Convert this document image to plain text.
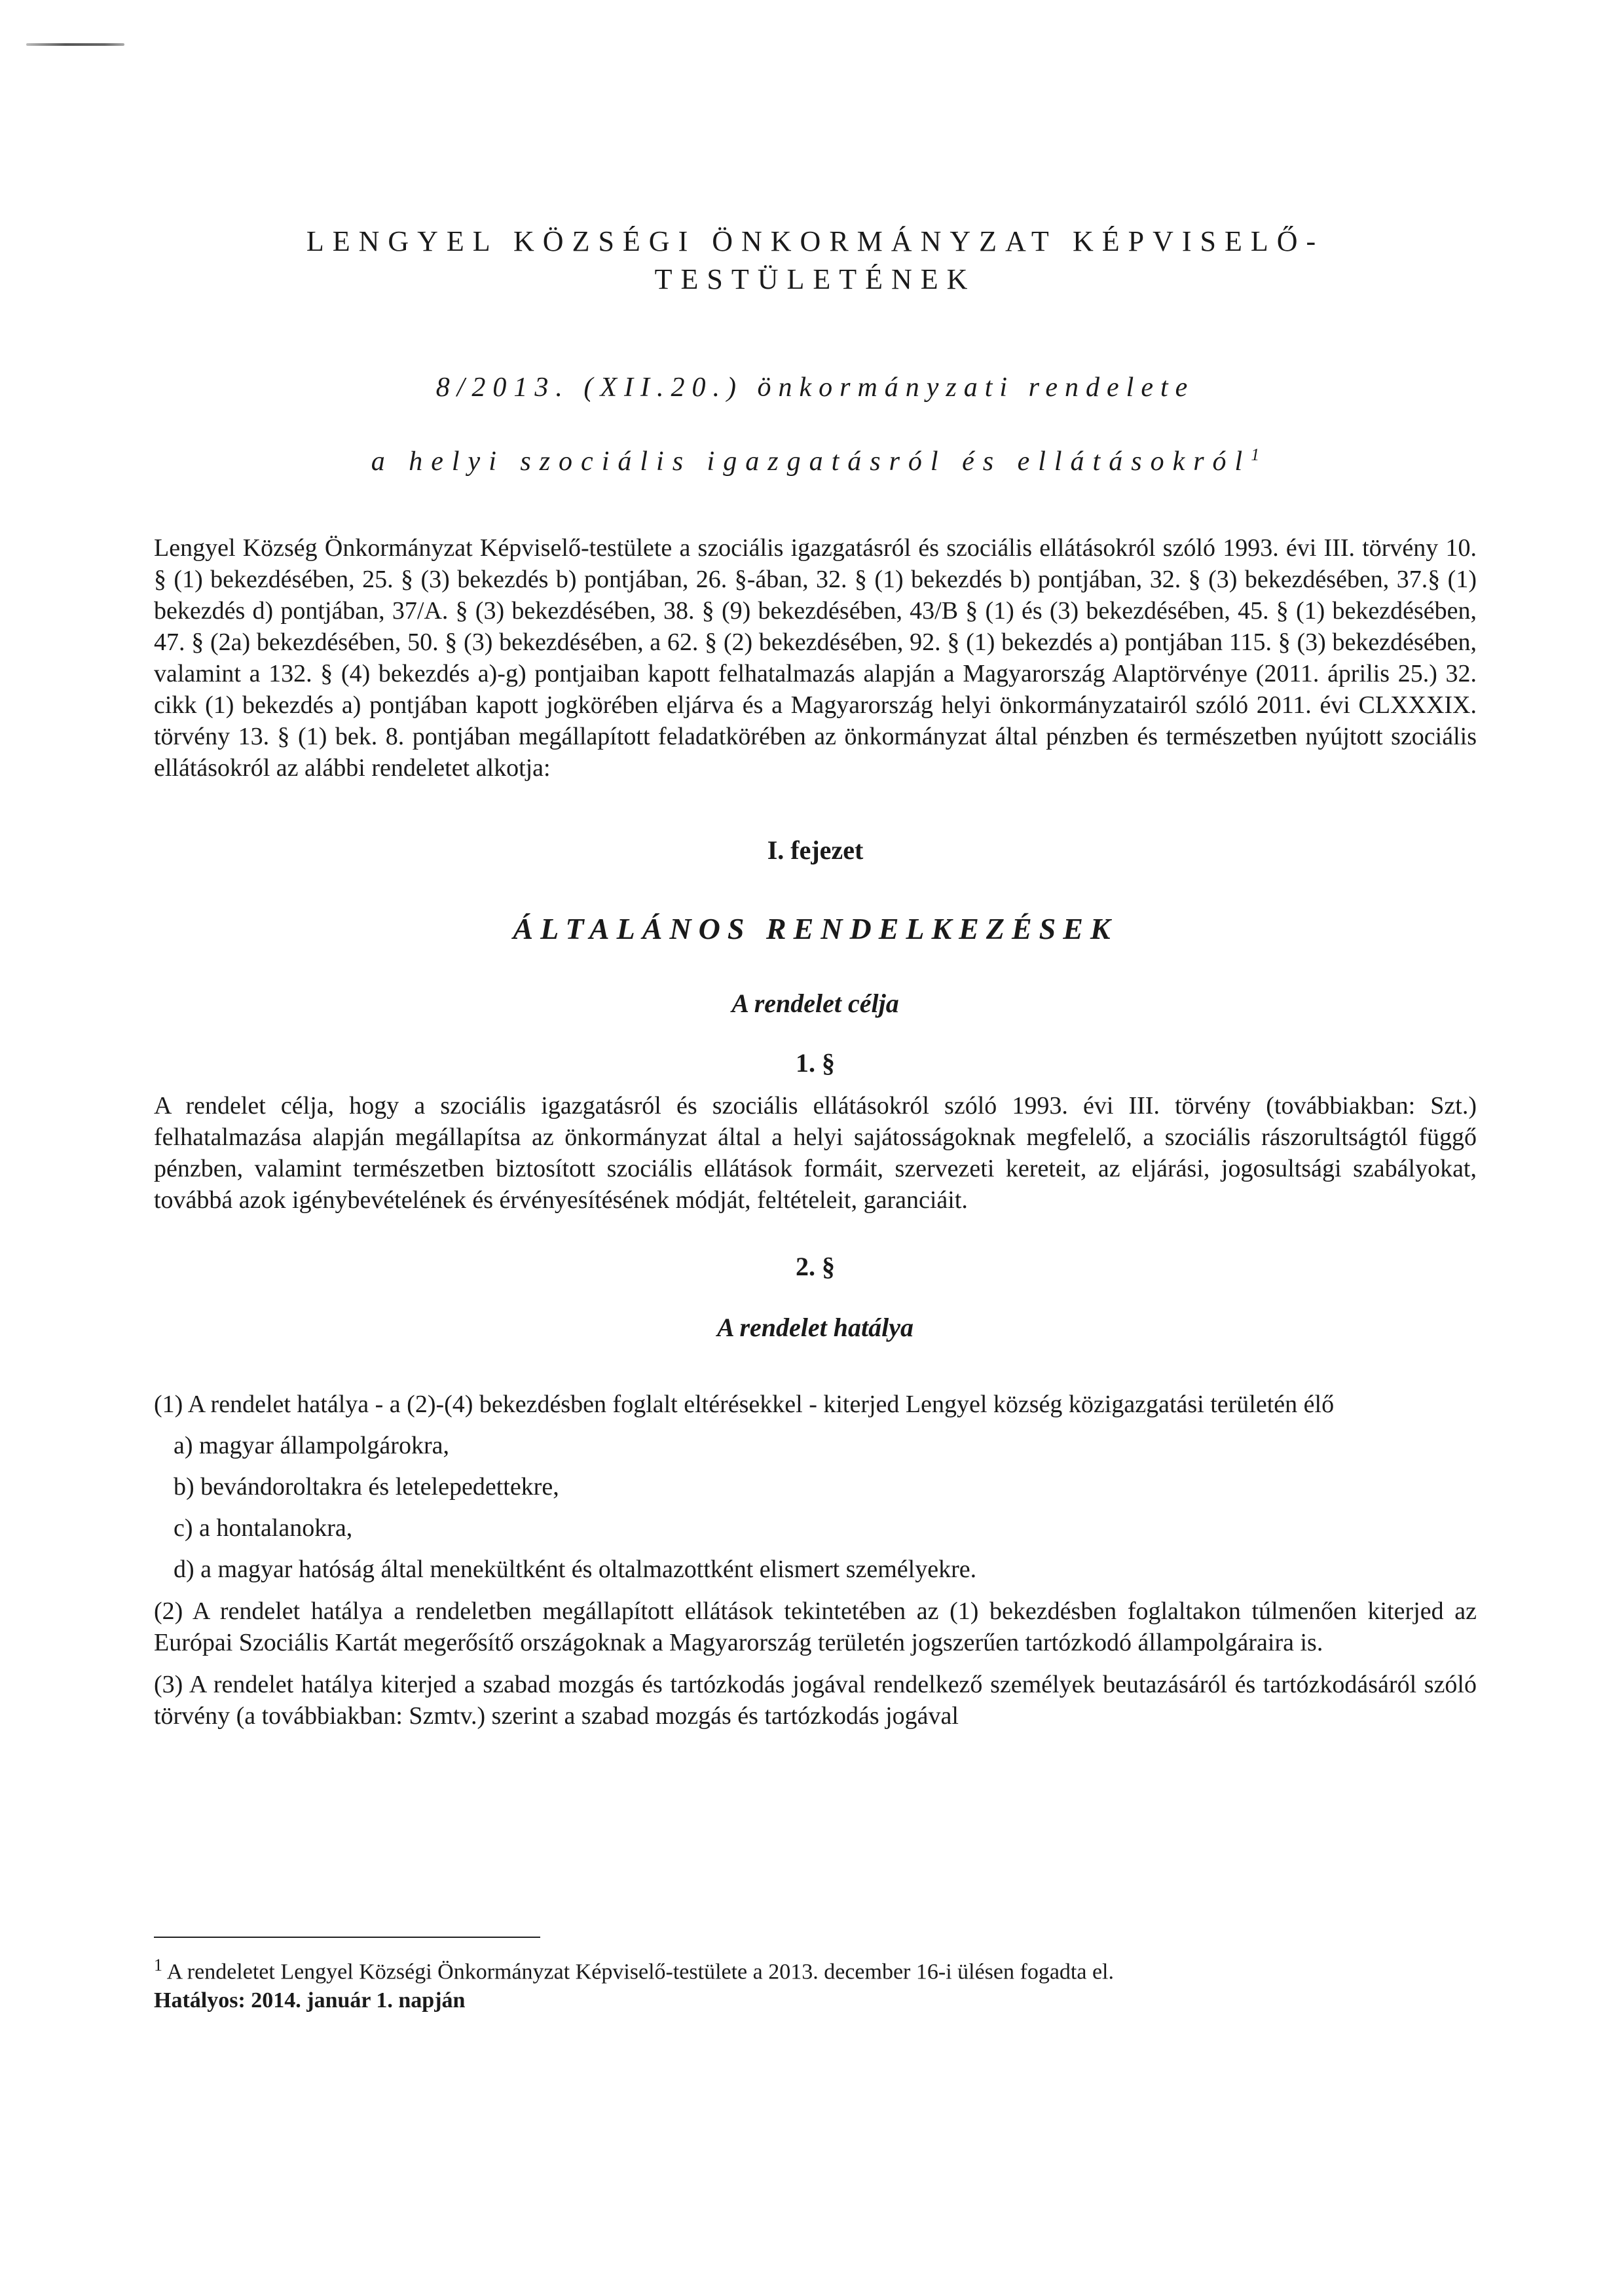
LENGYEL KÖZSÉGI ÖNKORMÁNYZAT KÉPVISELŐ-
TESTÜLETÉNEK
8/2013. (XII.20.) önkormányzati rendelete
a helyi szociális igazgatásról és ellátásokról$^1$

Lengyel Község Önkormányzat Képviselő-testülete a szociális igazgatásról és szociális ellátásokról szóló 1993. évi III. törvény 10. § (1) bekezdésében, 25. § (3) bekezdés b) pontjában, 26. §-ában, 32. § (1) bekezdés b) pontjában, 32. § (3) bekezdésében, 37.§ (1) bekezdés d) pontjában, 37/A. § (3) bekezdésében, 38. § (9) bekezdésében, 43/B § (1) és (3) bekezdésében, 45. § (1) bekezdésében, 47. § (2a) bekezdésében, 50. § (3) bekezdésében, a 62. § (2) bekezdésében, 92. § (1) bekezdés a) pontjában 115. § (3) bekezdésében, valamint a 132. § (4) bekezdés a)-g) pontjaiban kapott felhatalmazás alapján a Magyarország Alaptörvénye (2011. április 25.) 32. cikk (1) bekezdés a) pontjában kapott jogkörében eljárva és a Magyarország helyi önkormányzatairól szóló 2011. évi CLXXXIX. törvény 13. § (1) bek. 8. pontjában megállapított feladatkörében az önkormányzat által pénzben és természetben nyújtott szociális ellátásokról az alábbi rendeletet alkotja:

I. fejezet
ÁLTALÁNOS RENDELKEZÉSEK
A rendelet célja
1. §

A rendelet célja, hogy a szociális igazgatásról és szociális ellátásokról szóló 1993. évi III. törvény (továbbiakban: Szt.) felhatalmazása alapján megállapítsa az önkormányzat által a helyi sajátosságoknak megfelelő, a szociális rászorultságtól függő pénzben, valamint természetben biztosított szociális ellátások formáit, szervezeti kereteit, az eljárási, jogosultsági szabályokat, továbbá azok igénybevételének és érvényesítésének módját, feltételeit, garanciáit.

2. §
A rendelet hatálya

(1) A rendelet hatálya - a (2)-(4) bekezdésben foglalt eltérésekkel - kiterjed Lengyel község közigazgatási területén élő

a) magyar állampolgárokra,
b) bevándoroltakra és letelepedettekre,
c) a hontalanokra,
d) a magyar hatóság által menekültként és oltalmazottként elismert személyekre.

(2) A rendelet hatálya a rendeletben megállapított ellátások tekintetében az (1) bekezdésben foglaltakon túlmenően kiterjed az Európai Szociális Kartát megerősítő országoknak a Magyarország területén jogszerűen tartózkodó állampolgáraira is.

(3) A rendelet hatálya kiterjed a szabad mozgás és tartózkodás jogával rendelkező személyek beutazásáról és tartózkodásáról szóló törvény (a továbbiakban: Szmtv.) szerint a szabad mozgás és tartózkodás jogával

$^1$ A rendeletet Lengyel Községi Önkormányzat Képviselő-testülete a 2013. december 16-i ülésen fogadta el.
Hatályos: 2014. január 1. napján
